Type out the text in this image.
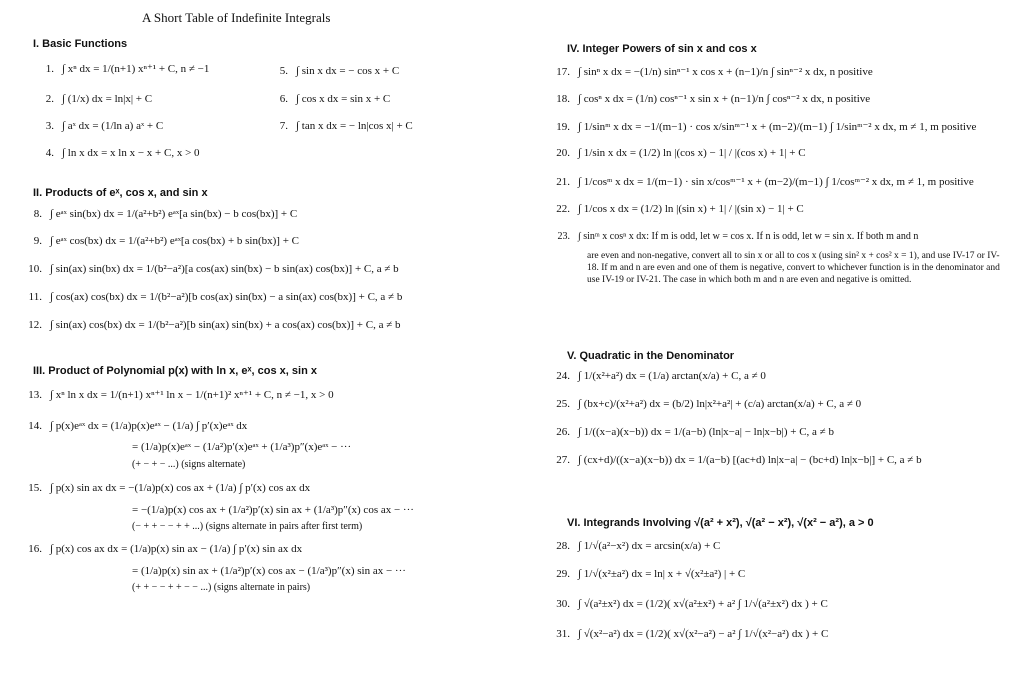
A Short Table of Indefinite Integrals
I. Basic Functions
1. ∫ xⁿ dx = 1/(n+1) xⁿ⁺¹ + C, n ≠ −1
2. ∫ (1/x) dx = ln|x| + C
3. ∫ aˣ dx = (1/ln a) aˣ + C
4. ∫ ln x dx = x ln x − x + C, x > 0
5. ∫ sin x dx = − cos x + C
6. ∫ cos x dx = sin x + C
7. ∫ tan x dx = − ln|cos x| + C
II. Products of eˣ, cos x, and sin x
8. ∫ eᵃˣ sin(bx) dx = 1/(a²+b²) eᵃˣ[a sin(bx) − b cos(bx)] + C
9. ∫ eᵃˣ cos(bx) dx = 1/(a²+b²) eᵃˣ[a cos(bx) + b sin(bx)] + C
10. ∫ sin(ax) sin(bx) dx = 1/(b²−a²)[a cos(ax) sin(bx) − b sin(ax) cos(bx)] + C, a ≠ b
11. ∫ cos(ax) cos(bx) dx = 1/(b²−a²)[b cos(ax) sin(bx) − a sin(ax) cos(bx)] + C, a ≠ b
12. ∫ sin(ax) cos(bx) dx = 1/(b²−a²)[b sin(ax) sin(bx) + a cos(ax) cos(bx)] + C, a ≠ b
III. Product of Polynomial p(x) with ln x, eˣ, cos x, sin x
13. ∫ xⁿ ln x dx = 1/(n+1) xⁿ⁺¹ ln x − 1/(n+1)² xⁿ⁺¹ + C, n ≠ −1, x > 0
14. ∫ p(x)eᵃˣ dx = (1/a)p(x)eᵃˣ − (1/a) ∫ p′(x)eᵃˣ dx
= (1/a)p(x)eᵃˣ − (1/a²)p′(x)eᵃˣ + (1/a³)p″(x)eᵃˣ − ···
(+ − + − ...) (signs alternate)
15. ∫ p(x) sin ax dx = −(1/a)p(x) cos ax + (1/a) ∫ p′(x) cos ax dx
= −(1/a)p(x) cos ax + (1/a²)p′(x) sin ax + (1/a³)p″(x) cos ax − ···
(− + + − − + + ...) (signs alternate in pairs after first term)
16. ∫ p(x) cos ax dx = (1/a)p(x) sin ax − (1/a) ∫ p′(x) sin ax dx
= (1/a)p(x) sin ax + (1/a²)p′(x) cos ax − (1/a³)p″(x) sin ax − ···
(+ + − − + + − − ...) (signs alternate in pairs)
IV. Integer Powers of sin x and cos x
17. ∫ sinⁿ x dx = −(1/n) sinⁿ⁻¹ x cos x + (n−1)/n ∫ sinⁿ⁻² x dx, n positive
18. ∫ cosⁿ x dx = (1/n) cosⁿ⁻¹ x sin x + (n−1)/n ∫ cosⁿ⁻² x dx, n positive
19. ∫ 1/sinᵐ x dx = −1/(m−1) · cos x/sinᵐ⁻¹ x + (m−2)/(m−1) ∫ 1/sinᵐ⁻² x dx, m ≠ 1, m positive
20. ∫ 1/sin x dx = (1/2) ln |(cos x) − 1| / |(cos x) + 1| + C
21. ∫ 1/cosᵐ x dx = 1/(m−1) · sin x/cosᵐ⁻¹ x + (m−2)/(m−1) ∫ 1/cosᵐ⁻² x dx, m ≠ 1, m positive
22. ∫ 1/cos x dx = (1/2) ln |(sin x) + 1| / |(sin x) − 1| + C
23. ∫ sinᵐ x cosⁿ x dx: If m is odd, let w = cos x. If n is odd, let w = sin x. If both m and n
are even and non-negative, convert all to sin x or all to cos x (using sin² x + cos² x = 1), and use IV-17 or IV-18. If m and n are even and one of them is negative, convert to whichever function is in the denominator and use IV-19 or IV-21. The case in which both m and n are even and negative is omitted.
V. Quadratic in the Denominator
24. ∫ 1/(x²+a²) dx = (1/a) arctan(x/a) + C, a ≠ 0
25. ∫ (bx+c)/(x²+a²) dx = (b/2) ln|x²+a²| + (c/a) arctan(x/a) + C, a ≠ 0
26. ∫ 1/((x−a)(x−b)) dx = 1/(a−b) (ln|x−a| − ln|x−b|) + C, a ≠ b
27. ∫ (cx+d)/((x−a)(x−b)) dx = 1/(a−b) [(ac+d) ln|x−a| − (bc+d) ln|x−b|] + C, a ≠ b
VI. Integrands Involving √(a² + x²), √(a² − x²), √(x² − a²), a > 0
28. ∫ 1/√(a²−x²) dx = arcsin(x/a) + C
29. ∫ 1/√(x²±a²) dx = ln| x + √(x²±a²) | + C
30. ∫ √(a²±x²) dx = (1/2)( x√(a²±x²) + a² ∫ 1/√(a²±x²) dx ) + C
31. ∫ √(x²−a²) dx = (1/2)( x√(x²−a²) − a² ∫ 1/√(x²−a²) dx ) + C
